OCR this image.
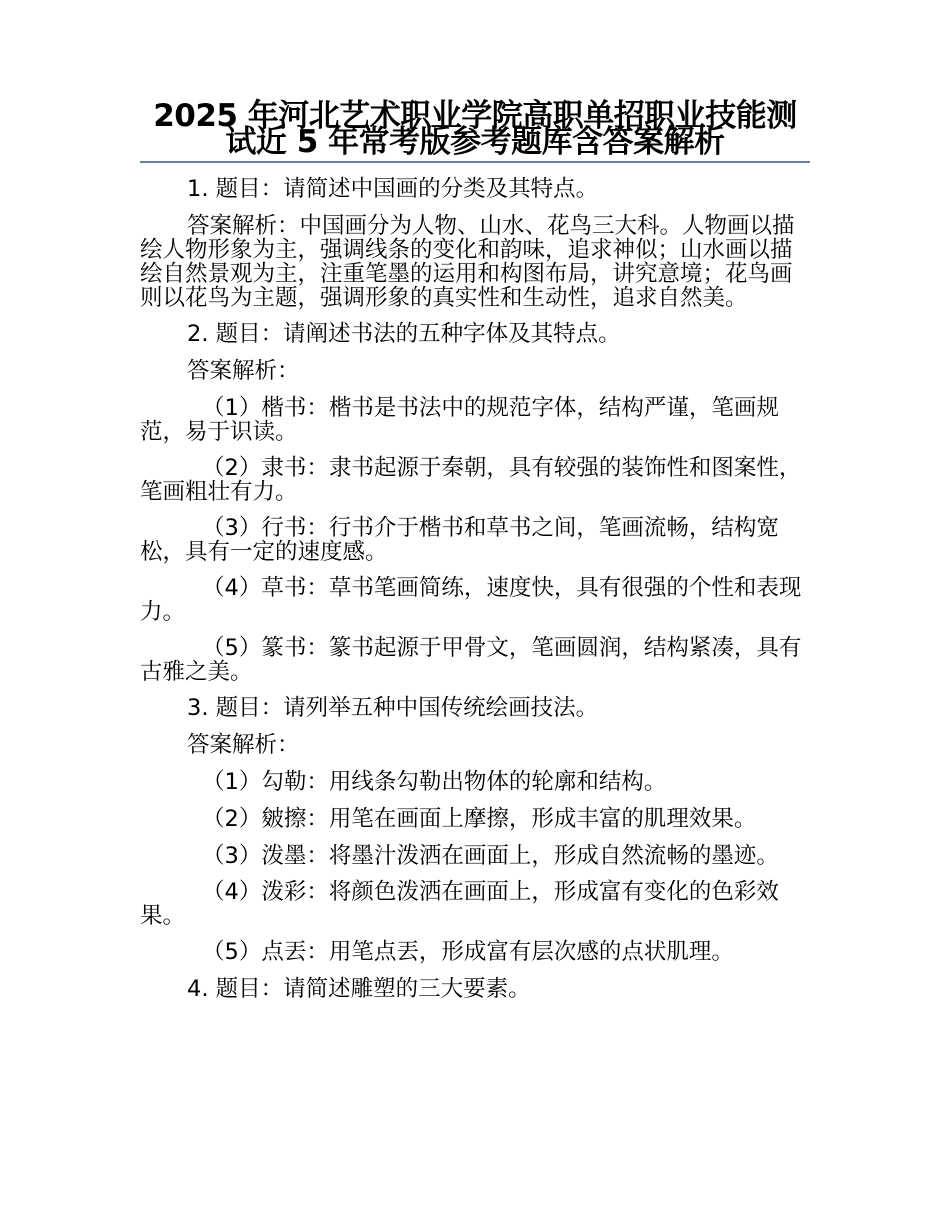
2025 年河北艺术职业学院高职单招职业技能测试近 5 年常考版参考题库含答案解析

1. 题目：请简述中国画的分类及其特点。

答案解析：中国画分为人物、山水、花鸟三大科。人物画以描绘人物形象为主，强调线条的变化和韵味，追求神似；山水画以描绘自然景观为主，注重笔墨的运用和构图布局，讲究意境；花鸟画则以花鸟为主题，强调形象的真实性和生动性，追求自然美。

2. 题目：请阐述书法的五种字体及其特点。

答案解析：

（1）楷书：楷书是书法中的规范字体，结构严谨，笔画规范，易于识读。

（2）隶书：隶书起源于秦朝，具有较强的装饰性和图案性，笔画粗壮有力。

（3）行书：行书介于楷书和草书之间，笔画流畅，结构宽松，具有一定的速度感。

（4）草书：草书笔画简练，速度快，具有很强的个性和表现力。

（5）篆书：篆书起源于甲骨文，笔画圆润，结构紧凑，具有古雅之美。

3. 题目：请列举五种中国传统绘画技法。

答案解析：

（1）勾勒：用线条勾勒出物体的轮廓和结构。

（2）皴擦：用笔在画面上摩擦，形成丰富的肌理效果。

（3）泼墨：将墨汁泼洒在画面上，形成自然流畅的墨迹。

（4）泼彩：将颜色泼洒在画面上，形成富有变化的色彩效果。

（5）点丟：用笔点丟，形成富有层次感的点状肌理。

4. 题目：请简述雕塑的三大要素。
